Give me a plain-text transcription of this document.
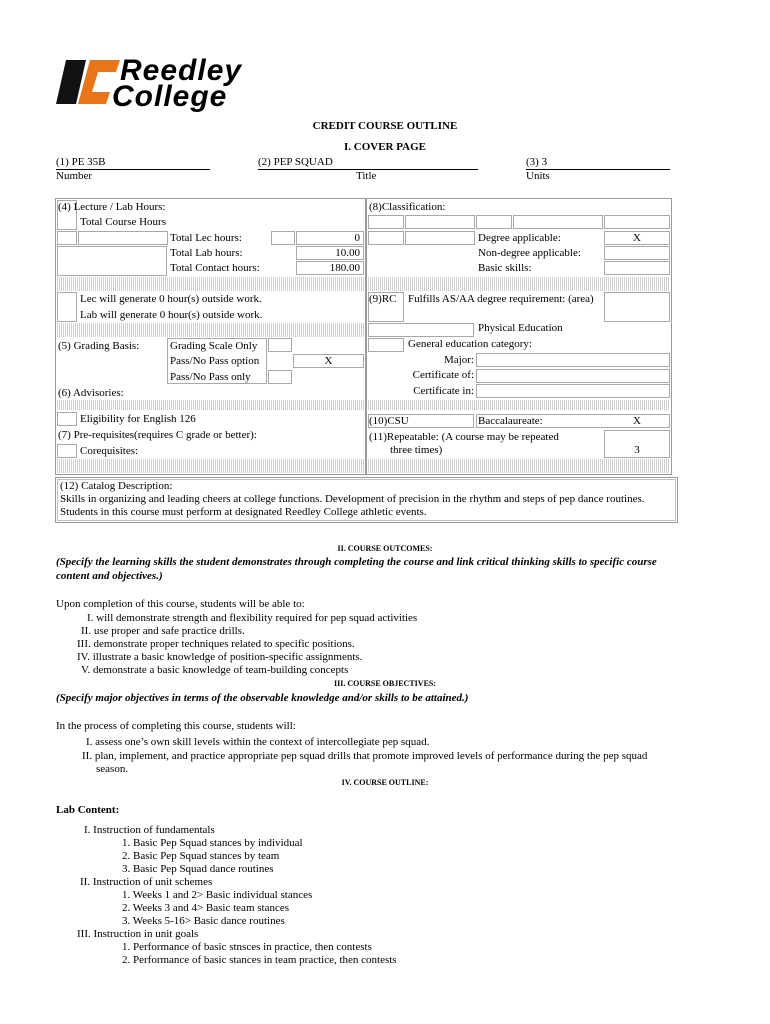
Reedley
College
CREDIT COURSE OUTLINE
I. COVER PAGE
(1) PE 35B
Number
(2) PEP SQUAD
Title
(3) 3
Units
(4) Lecture / Lab Hours:
Total Course Hours
Total Lec hours:	0
Total Lab hours:	10.00
Total Contact hours:	180.00
Lec will generate 0 hour(s) outside work.
Lab will generate 0 hour(s) outside work.
(5) Grading Basis:	Grading Scale Only
Pass/No Pass option	X
Pass/No Pass only
(6) Advisories:
Eligibility for English 126
(7) Pre-requisites(requires C grade or better):
Corequisites:
(8)Classification:
Degree applicable:	X
Non-degree applicable:
Basic skills:
(9)RC Fulfills AS/AA degree requirement: (area)
Physical Education
General education category:
Major:
Certificate of:
Certificate in:
(10)CSU	Baccalaureate:	X
(11)Repeatable: (A course may be repeated
three times)	3
(12) Catalog Description:
Skills in organizing and leading cheers at college functions. Development of precision in the rhythm and steps of pep dance routines.
Students in this course must perform at designated Reedley College athletic events.
II. COURSE OUTCOMES:
(Specify the learning skills the student demonstrates through completing the course and link critical thinking skills to specific course
content and objectives.)
Upon completion of this course, students will be able to:
I. will demonstrate strength and flexibility required for pep squad activities
II. use proper and safe practice drills.
III. demonstrate proper techniques related to specific positions.
IV. illustrate a basic knowledge of position-specific assignments.
V. demonstrate a basic knowledge of team-building concepts
III. COURSE OBJECTIVES:
(Specify major objectives in terms of the observable knowledge and/or skills to be attained.)
In the process of completing this course, students will:
I. assess one’s own skill levels within the context of intercollegiate pep squad.
II. plan, implement, and practice appropriate pep squad drills that promote improved levels of performance during the pep squad
season.
IV. COURSE OUTLINE:
Lab Content:
I. Instruction of fundamentals
1. Basic Pep Squad stances by individual
2. Basic Pep Squad stances by team
3. Basic Pep Squad dance routines
II. Instruction of unit schemes
1. Weeks 1 and 2> Basic individual stances
2. Weeks 3 and 4> Basic team stances
3. Weeks 5-16> Basic dance routines
III. Instruction in unit goals
1. Performance of basic stnsces in practice, then contests
2. Performance of basic stances in team practice, then contests
